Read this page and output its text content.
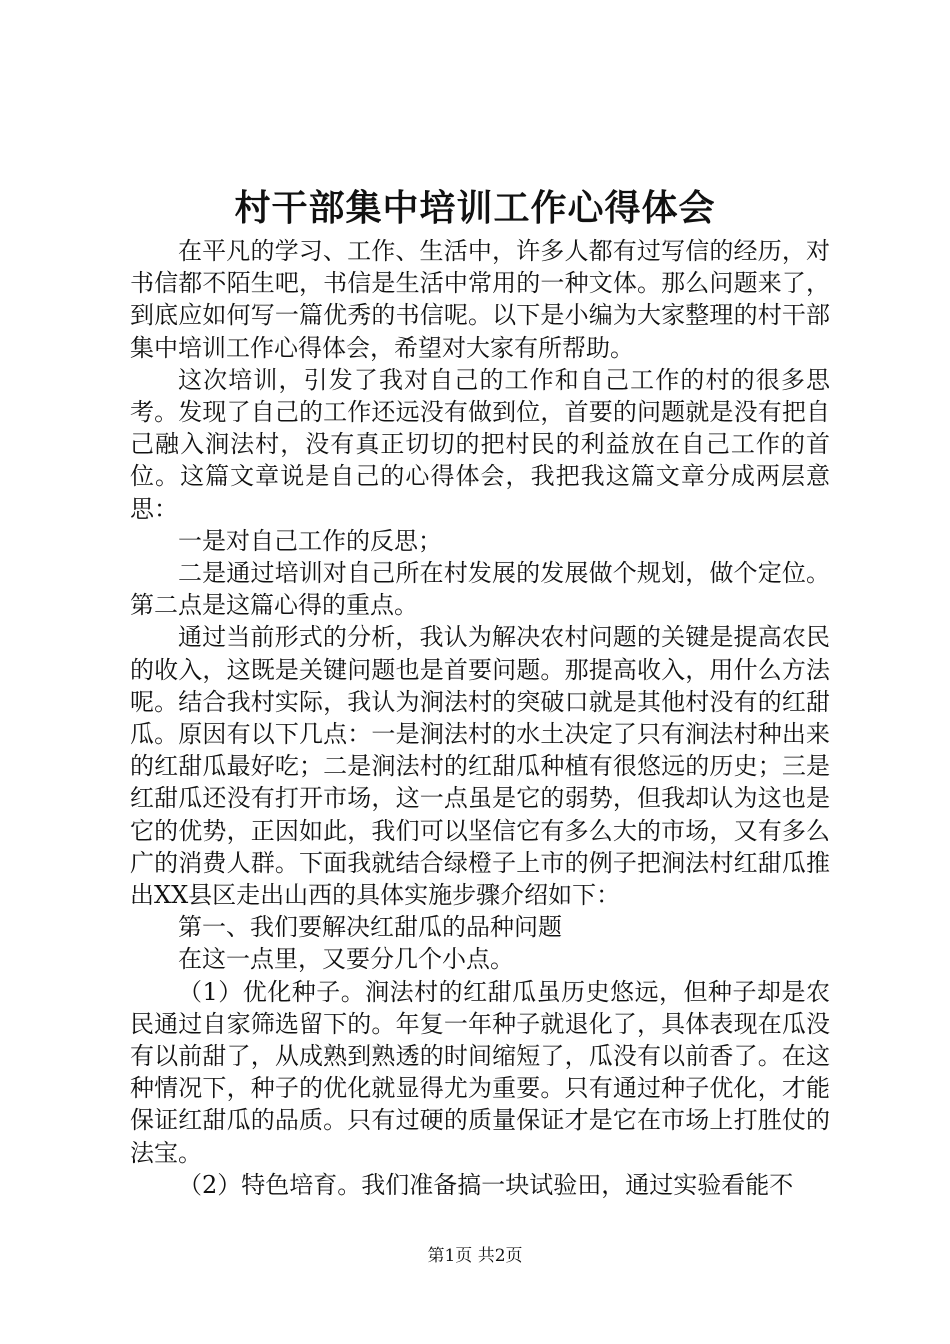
村干部集中培训工作心得体会

在平凡的学习、工作、生活中，许多人都有过写信的经历，对书信都不陌生吧，书信是生活中常用的一种文体。那么问题来了，到底应如何写一篇优秀的书信呢。以下是小编为大家整理的村干部集中培训工作心得体会，希望对大家有所帮助。

这次培训，引发了我对自己的工作和自己工作的村的很多思考。发现了自己的工作还远没有做到位，首要的问题就是没有把自己融入涧法村，没有真正切切的把村民的利益放在自己工作的首位。这篇文章说是自己的心得体会，我把我这篇文章分成两层意思：

一是对自己工作的反思；

二是通过培训对自己所在村发展的发展做个规划，做个定位。第二点是这篇心得的重点。

通过当前形式的分析，我认为解决农村问题的关键是提高农民的收入，这既是关键问题也是首要问题。那提高收入，用什么方法呢。结合我村实际，我认为涧法村的突破口就是其他村没有的红甜瓜。原因有以下几点：一是涧法村的水土决定了只有涧法村种出来的红甜瓜最好吃；二是涧法村的红甜瓜种植有很悠远的历史；三是红甜瓜还没有打开市场，这一点虽是它的弱势，但我却认为这也是它的优势，正因如此，我们可以坚信它有多么大的市场，又有多么广的消费人群。下面我就结合绿橙子上市的例子把涧法村红甜瓜推出XX县区走出山西的具体实施步骤介绍如下：

第一、我们要解决红甜瓜的品种问题

在这一点里，又要分几个小点。

（1）优化种子。涧法村的红甜瓜虽历史悠远，但种子却是农民通过自家筛选留下的。年复一年种子就退化了，具体表现在瓜没有以前甜了，从成熟到熟透的时间缩短了，瓜没有以前香了。在这种情况下，种子的优化就显得尤为重要。只有通过种子优化，才能保证红甜瓜的品质。只有过硬的质量保证才是它在市场上打胜仗的法宝。

（2）特色培育。我们准备搞一块试验田，通过实验看能不

第1页 共2页
